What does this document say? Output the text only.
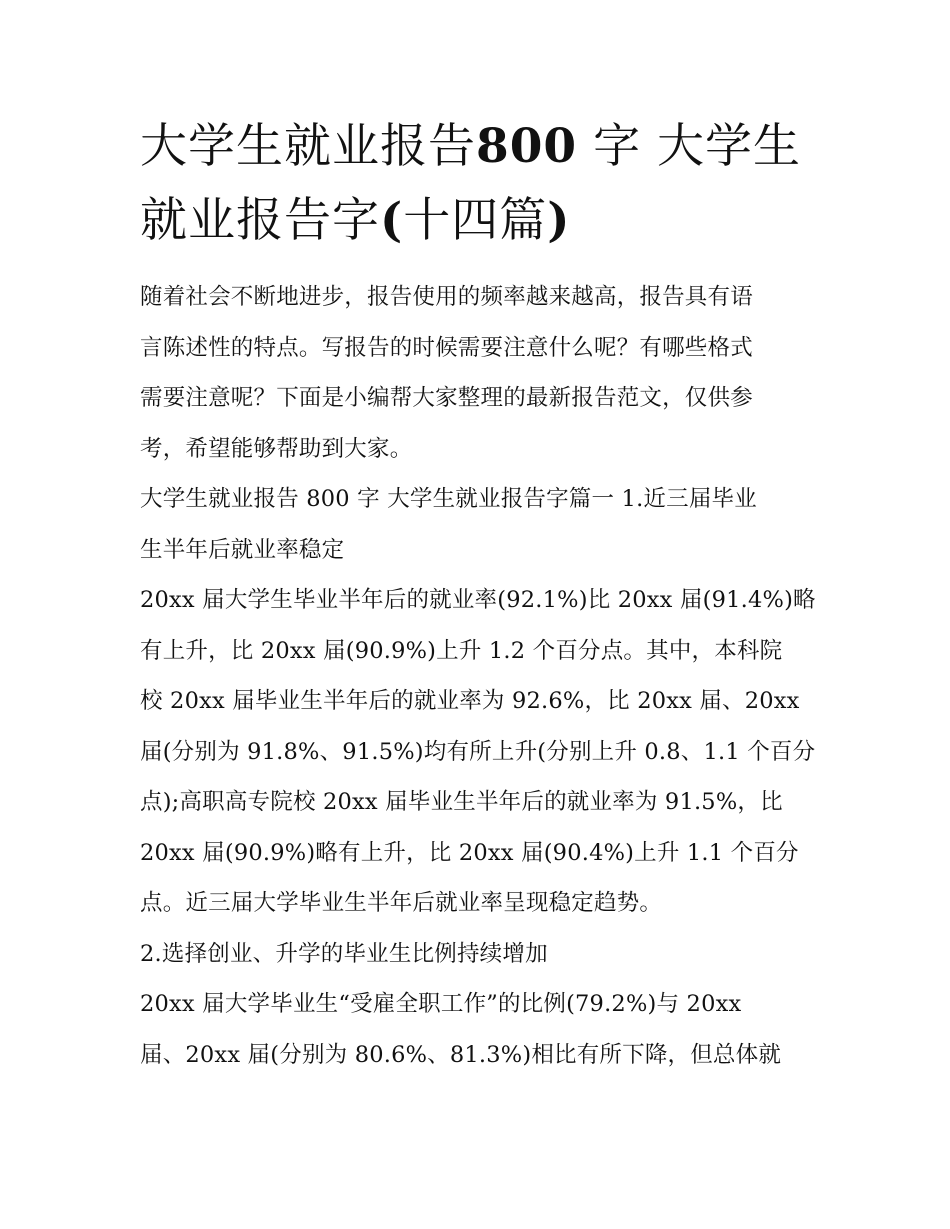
大学生就业报告800 字 大学生
就业报告字(十四篇)

随着社会不断地进步，报告使用的频率越来越高，报告具有语

言陈述性的特点。写报告的时候需要注意什么呢？有哪些格式

需要注意呢？下面是小编帮大家整理的最新报告范文，仅供参

考，希望能够帮助到大家。

大学生就业报告 800 字 大学生就业报告字篇一 1.近三届毕业

生半年后就业率稳定

20xx 届大学生毕业半年后的就业率(92.1%)比 20xx 届(91.4%)略

有上升，比 20xx 届(90.9%)上升 1.2 个百分点。其中，本科院

校 20xx 届毕业生半年后的就业率为 92.6%，比 20xx 届、20xx

届(分别为 91.8%、91.5%)均有所上升(分别上升 0.8、1.1 个百分

点);高职高专院校 20xx 届毕业生半年后的就业率为 91.5%，比

20xx 届(90.9%)略有上升，比 20xx 届(90.4%)上升 1.1 个百分

点。近三届大学毕业生半年后就业率呈现稳定趋势。

2.选择创业、升学的毕业生比例持续增加

20xx 届大学毕业生“受雇全职工作”的比例(79.2%)与 20xx

届、20xx 届(分别为 80.6%、81.3%)相比有所下降，但总体就
